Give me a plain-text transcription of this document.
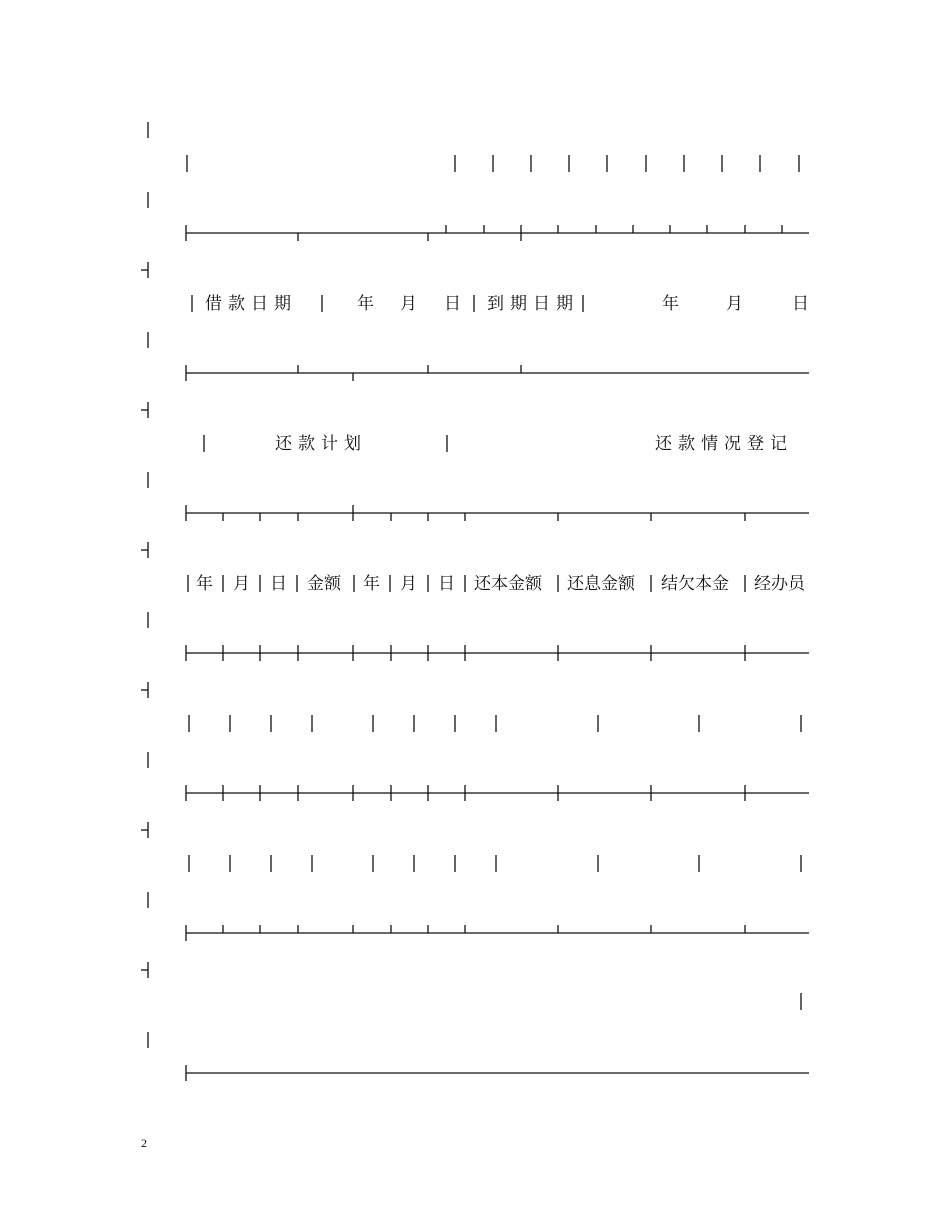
借款日期	年 月 日 到期日期	年	月	日
还款计划	还款情况登记
年 月 日 金额 年 月 日 还本金额 还息金额 结欠本金 经办员
2
